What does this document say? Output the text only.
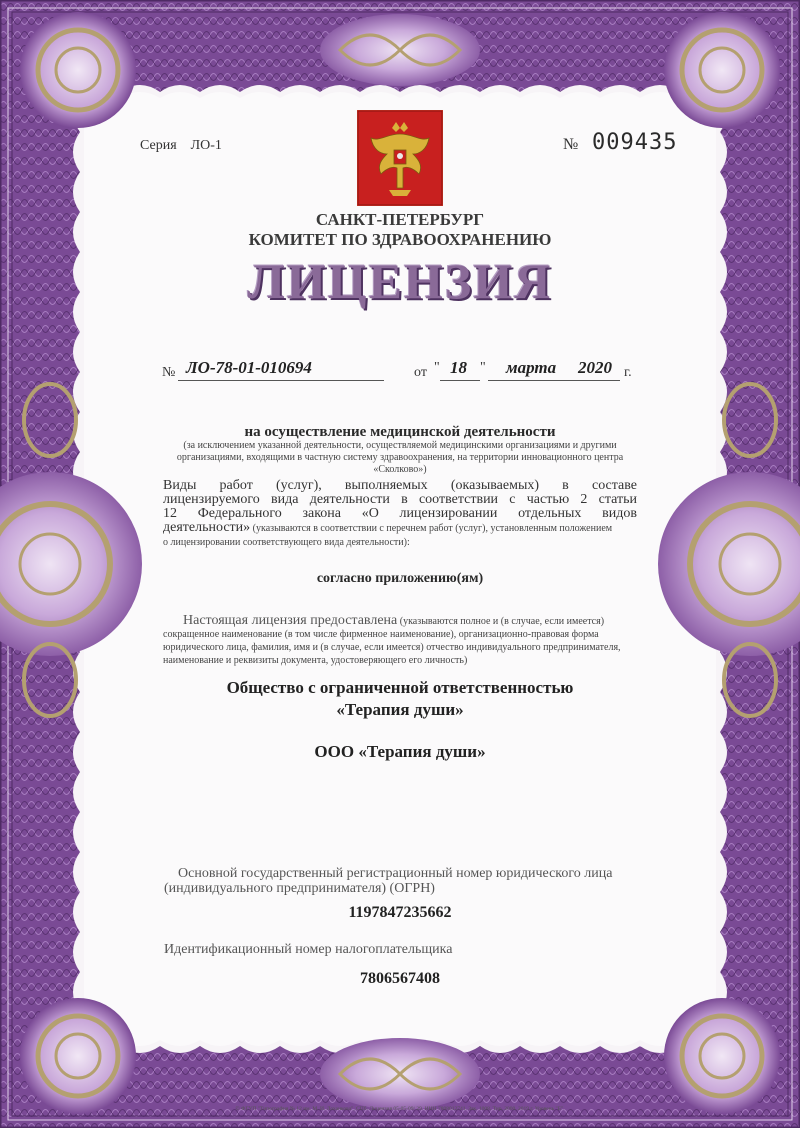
Серия ЛО-1	№ 009435
САНКТ-ПЕТЕРБУРГ
КОМИТЕТ ПО ЗДРАВООХРАНЕНИЮ
ЛИЦЕНЗИЯ
№ ЛО-78-01-010694	от " 18 " марта 2020 г.
на осуществление медицинской деятельности
(за исключением указанной деятельности, осуществляемой медицинскими организациями и другими
организациями, входящими в частную систему здравоохранения, на территории инновационного центра
«Сколково»)
Виды работ (услуг), выполняемых (оказываемых) в составе
лицензируемого вида деятельности в соответствии с частью 2 статьи
12 Федерального закона «О лицензировании отдельных видов
деятельности» (указываются в соответствии с перечнем работ (услуг), установленным положением
о лицензировании соответствующего вида деятельности):
согласно приложению(ям)
Настоящая лицензия предоставлена (указываются полное и (в случае, если имеется)
сокращенное наименование (в том числе фирменное наименование), организационно-правовая форма
юридического лица, фамилия, имя и (в случае, если имеется) отчество индивидуального предпринимателя,
наименование и реквизиты документа, удостоверяющего его личность)
Общество с ограниченной ответственностью
«Терапия души»
ООО «Терапия души»
Основной государственный регистрационный номер юридического лица
(индивидуального предпринимателя) (ОГРН)
1197847235662
Идентификационный номер налогоплательщика
7806567408
© ФГУП "Типография № 12 им. М. И. Лоханкова", СПб. Лицензия 05-05-09/ 29. ИНН 7808012741. Зак. 1008. Тир. 2000. 2019 г. Уровень "Б".
